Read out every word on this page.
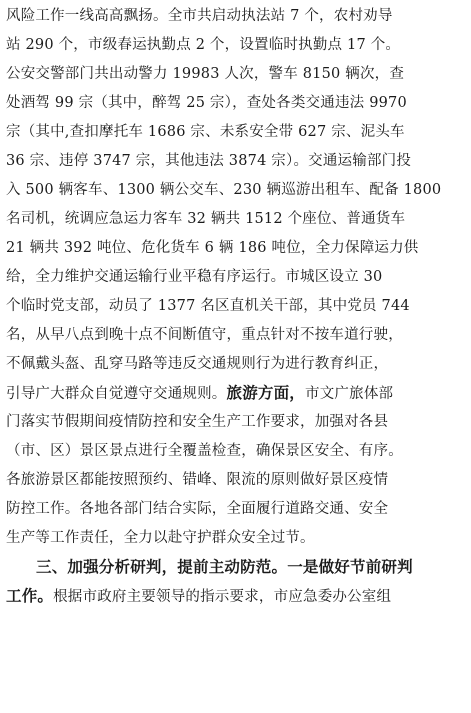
风险工作一线高高飘扬。全市共启动执法站 7 个，农村劝导
站 290 个，市级春运执勤点 2 个，设置临时执勤点 17 个。
公安交警部门共出动警力 19983 人次，警车 8150 辆次，查
处酒驾 99 宗（其中，醉驾 25 宗），查处各类交通违法 9970
宗（其中,查扣摩托车 1686 宗、未系安全带 627 宗、泥头车
36 宗、违停 3747 宗，其他违法 3874 宗）。交通运输部门投
入 500 辆客车、1300 辆公交车、230 辆巡游出租车、配备 1800
名司机，统调应急运力客车 32 辆共 1512 个座位、普通货车
21 辆共 392 吨位、危化货车 6 辆 186 吨位，全力保障运力供
给，全力维护交通运输行业平稳有序运行。市城区设立 30
个临时党支部，动员了 1377 名区直机关干部，其中党员 744
名，从早八点到晚十点不间断值守，重点针对不按车道行驶，
不佩戴头盔、乱穿马路等违反交通规则行为进行教育纠正，
引导广大群众自觉遵守交通规则。旅游方面，市文广旅体部
门落实节假期间疫情防控和安全生产工作要求，加强对各县
（市、区）景区景点进行全覆盖检查，确保景区安全、有序。
各旅游景区都能按照预约、错峰、限流的原则做好景区疫情
防控工作。各地各部门结合实际，全面履行道路交通、安全
生产等工作责任，全力以赴守护群众安全过节。
三、加强分析研判，提前主动防范。一是做好节前研判
工作。根据市政府主要领导的指示要求，市应急委办公室组
